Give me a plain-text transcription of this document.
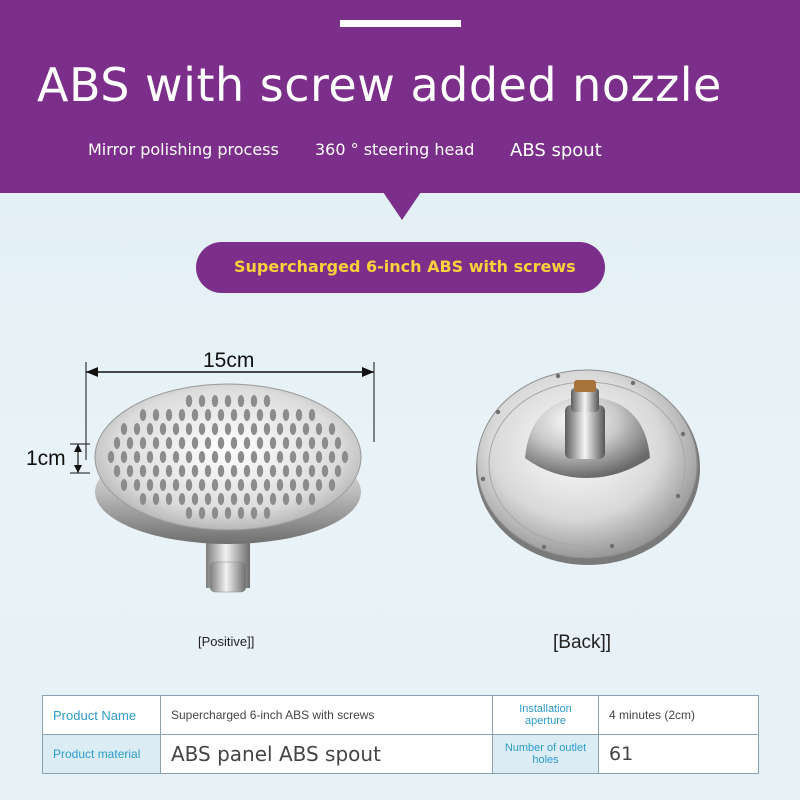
ABS with screw added nozzle
Mirror polishing process 360 ° steering head ABS spout
Supercharged 6-inch ABS with screws
15cm
1cm
[Positive]]	[Back]]
Product Name	Supercharged 6-inch ABS with screws	Installation aperture	4 minutes (2cm)
Product material	ABS panel ABS spout	Number of outlet holes	61
